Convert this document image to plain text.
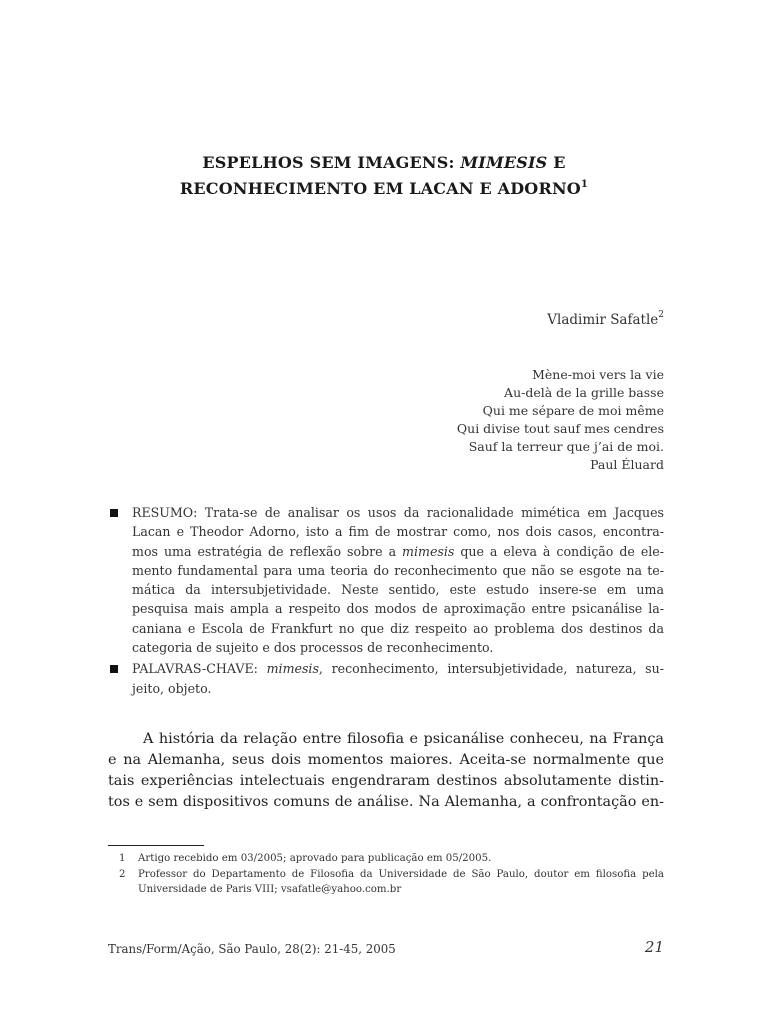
ESPELHOS SEM IMAGENS: MIMESIS E
RECONHECIMENTO EM LACAN E ADORNO$^1$
Vladimir Safatle$^2$
Mène-moi vers la vie
Au-delà de la grille basse
Qui me sépare de moi même
Qui divise tout sauf mes cendres
Sauf la terreur que j’ai de moi.
Paul Éluard
RESUMO: Trata-se de analisar os usos da racionalidade mimética em Jacques
Lacan e Theodor Adorno, isto a fim de mostrar como, nos dois casos, encontra-
mos uma estratégia de reflexão sobre a mimesis que a eleva à condição de ele-
mento fundamental para uma teoria do reconhecimento que não se esgote na te-
mática da intersubjetividade. Neste sentido, este estudo insere-se em uma
pesquisa mais ampla a respeito dos modos de aproximação entre psicanálise la-
caniana e Escola de Frankfurt no que diz respeito ao problema dos destinos da
categoria de sujeito e dos processos de reconhecimento.
PALAVRAS-CHAVE: mimesis, reconhecimento, intersubjetividade, natureza, su-
jeito, objeto.
A história da relação entre filosofia e psicanálise conheceu, na França
e na Alemanha, seus dois momentos maiores. Aceita-se normalmente que
tais experiências intelectuais engendraram destinos absolutamente distin-
tos e sem dispositivos comuns de análise. Na Alemanha, a confrontação en-
1 Artigo recebido em 03/2005; aprovado para publicação em 05/2005.
2 Professor do Departamento de Filosofia da Universidade de São Paulo, doutor em filosofia pela
Universidade de Paris VIII; vsafatle@yahoo.com.br
Trans/Form/Ação, São Paulo, 28(2): 21-45, 2005	21
